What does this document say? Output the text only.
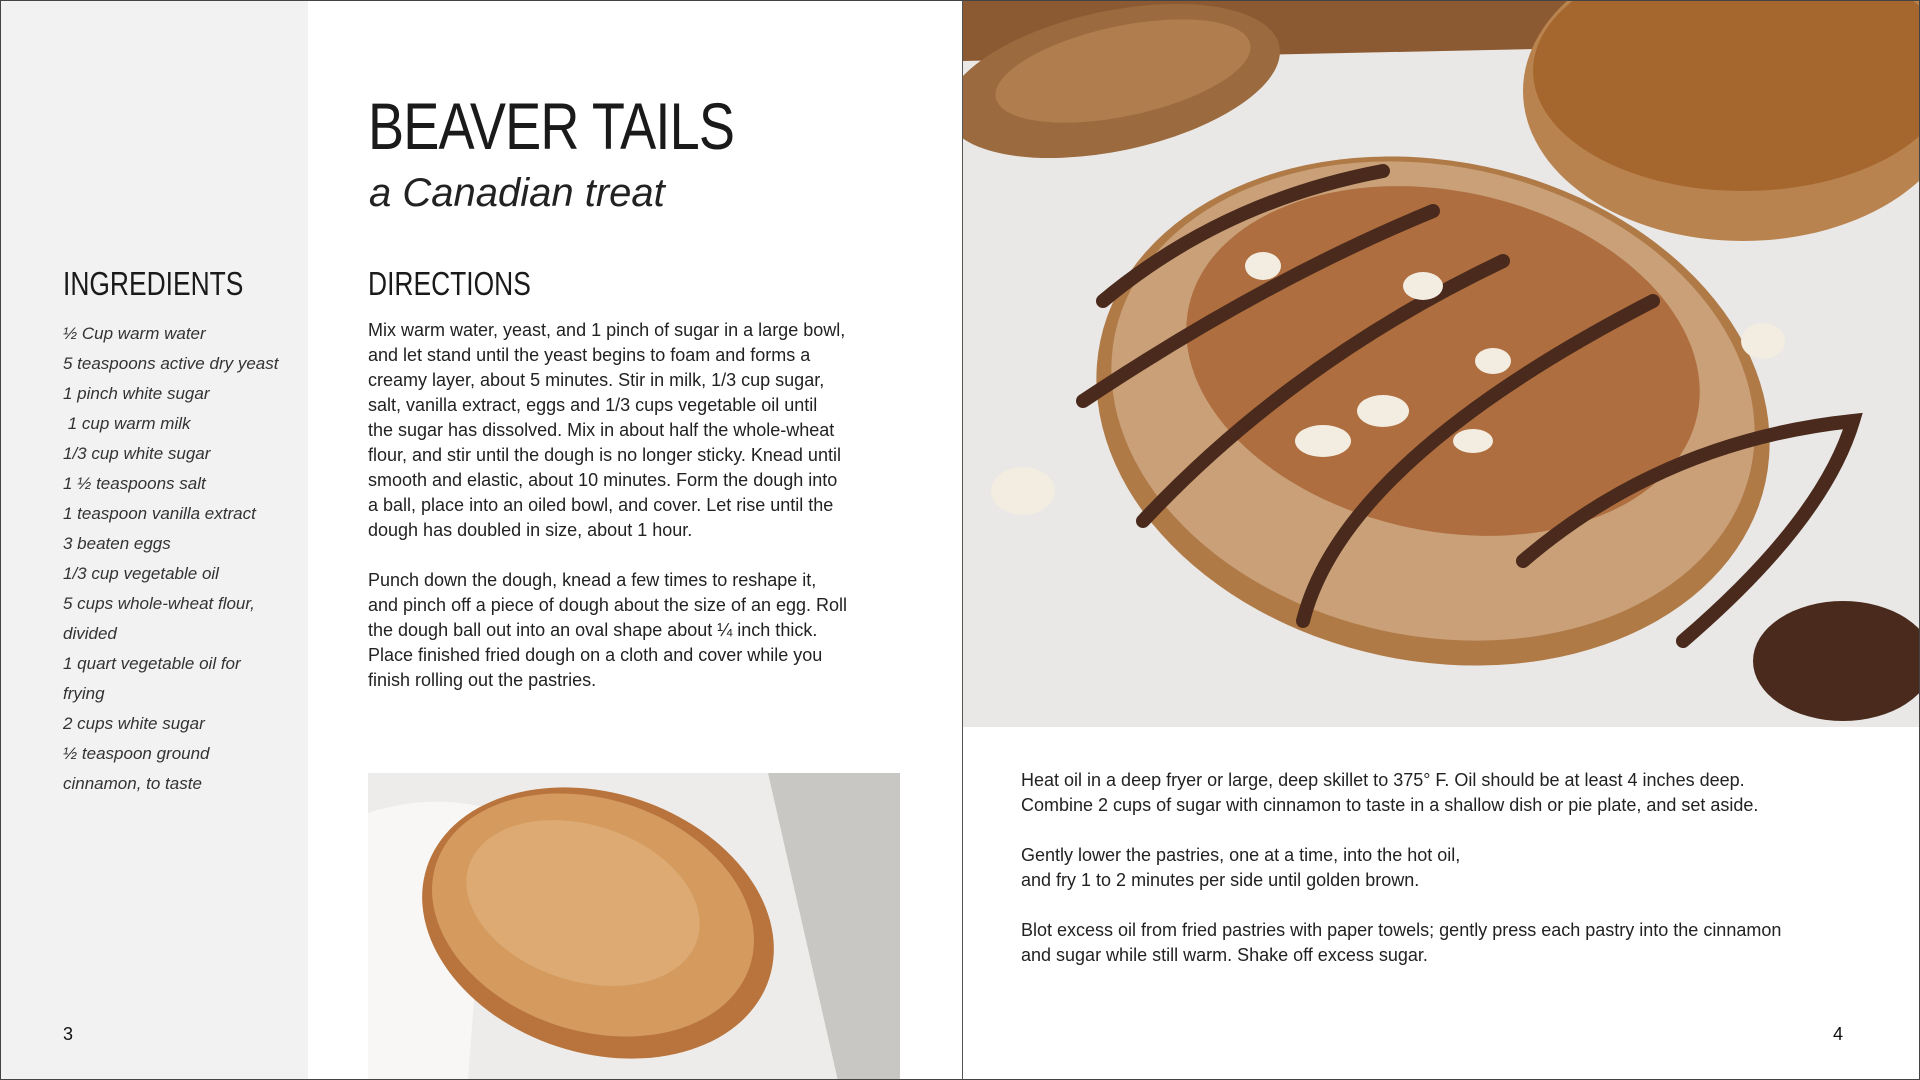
BEAVER TAILS
a Canadian treat
INGREDIENTS
½ Cup warm water
5 teaspoons active dry yeast
1 pinch white sugar
1 cup warm milk
1/3 cup white sugar
1 ½ teaspoons salt
1 teaspoon vanilla extract
3 beaten eggs
1/3 cup vegetable oil
5 cups whole-wheat flour,
divided
1 quart vegetable oil for
frying
2 cups white sugar
½ teaspoon ground
cinnamon, to taste
DIRECTIONS

Mix warm water, yeast, and 1 pinch of sugar in a large bowl,
and let stand until the yeast begins to foam and forms a
creamy layer, about 5 minutes. Stir in milk, 1/3 cup sugar,
salt, vanilla extract, eggs and 1/3 cups vegetable oil until
the sugar has dissolved. Mix in about half the whole-wheat
flour, and stir until the dough is no longer sticky. Knead until
smooth and elastic, about 10 minutes. Form the dough into
a ball, place into an oiled bowl, and cover. Let rise until the
dough has doubled in size, about 1 hour.

Punch down the dough, knead a few times to reshape it,
and pinch off a piece of dough about the size of an egg. Roll
the dough ball out into an oval shape about ¼ inch thick.
Place finished fried dough on a cloth and cover while you
finish rolling out the pastries.

Heat oil in a deep fryer or large, deep skillet to 375° F. Oil should be at least 4 inches deep.
Combine 2 cups of sugar with cinnamon to taste in a shallow dish or pie plate, and set aside.

Gently lower the pastries, one at a time, into the hot oil,
and fry 1 to 2 minutes per side until golden brown.

Blot excess oil from fried pastries with paper towels; gently press each pastry into the cinnamon
and sugar while still warm. Shake off excess sugar.

3	4
